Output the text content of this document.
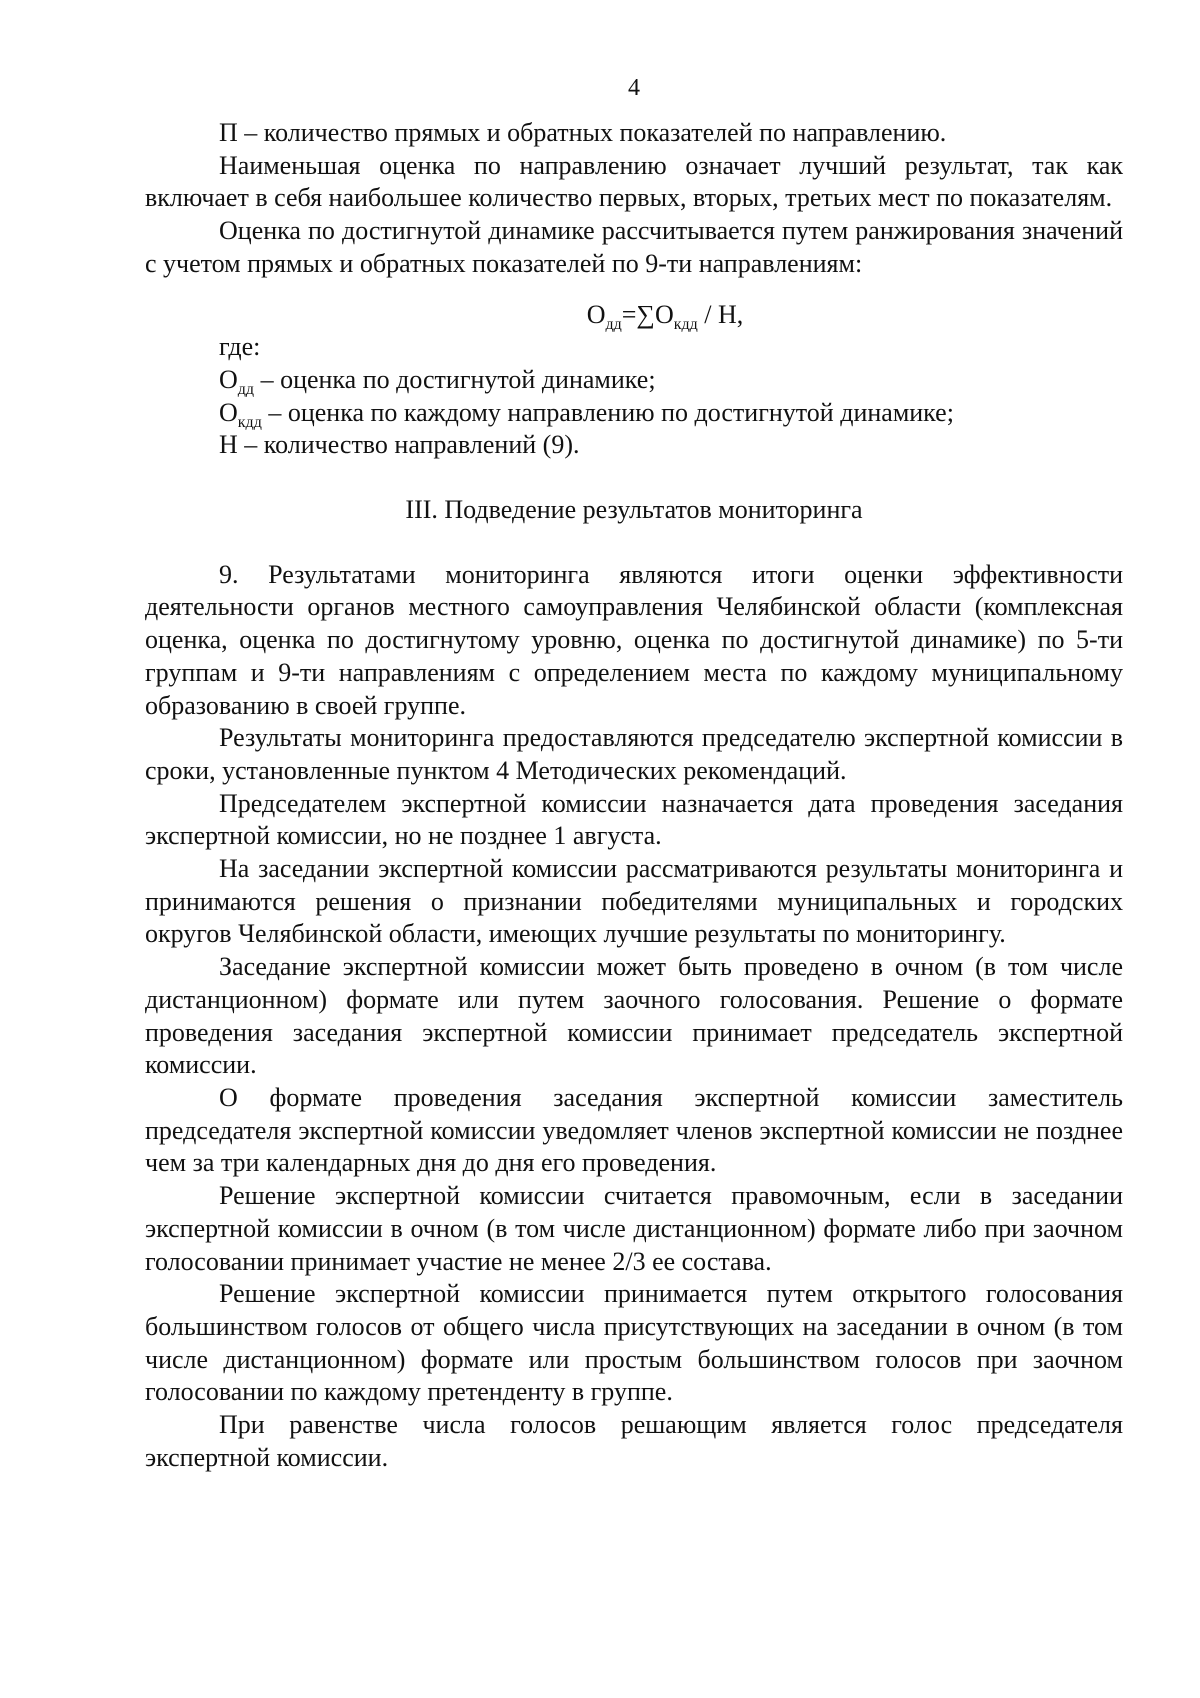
4

П – количество прямых и обратных показателей по направлению.

Наименьшая оценка по направлению означает лучший результат, так как включает в себя наибольшее количество первых, вторых, третьих мест по показателям.

Оценка по достигнутой динамике рассчитывается путем ранжирования значений с учетом прямых и обратных показателей по 9-ти направлениям:

$О_{дд}=\sum О_{кдд} / Н$,

где:

$О_{дд}$ – оценка по достигнутой динамике;

$О_{кдд}$ – оценка по каждому направлению по достигнутой динамике;

Н – количество направлений (9).

III. Подведение результатов мониторинга

9. Результатами мониторинга являются итоги оценки эффективности деятельности органов местного самоуправления Челябинской области (комплексная оценка, оценка по достигнутому уровню, оценка по достигнутой динамике) по 5-ти группам и 9-ти направлениям с определением места по каждому муниципальному образованию в своей группе.

Результаты мониторинга предоставляются председателю экспертной комиссии в сроки, установленные пунктом 4 Методических рекомендаций.

Председателем экспертной комиссии назначается дата проведения заседания экспертной комиссии, но не позднее 1 августа.

На заседании экспертной комиссии рассматриваются результаты мониторинга и принимаются решения о признании победителями муниципальных и городских округов Челябинской области, имеющих лучшие результаты по мониторингу.

Заседание экспертной комиссии может быть проведено в очном (в том числе дистанционном) формате или путем заочного голосования. Решение о формате проведения заседания экспертной комиссии принимает председатель экспертной комиссии.

О формате проведения заседания экспертной комиссии заместитель председателя экспертной комиссии уведомляет членов экспертной комиссии не позднее чем за три календарных дня до дня его проведения.

Решение экспертной комиссии считается правомочным, если в заседании экспертной комиссии в очном (в том числе дистанционном) формате либо при заочном голосовании принимает участие не менее 2/3 ее состава.

Решение экспертной комиссии принимается путем открытого голосования большинством голосов от общего числа присутствующих на заседании в очном (в том числе дистанционном) формате или простым большинством голосов при заочном голосовании по каждому претенденту в группе.

При равенстве числа голосов решающим является голос председателя экспертной комиссии.
